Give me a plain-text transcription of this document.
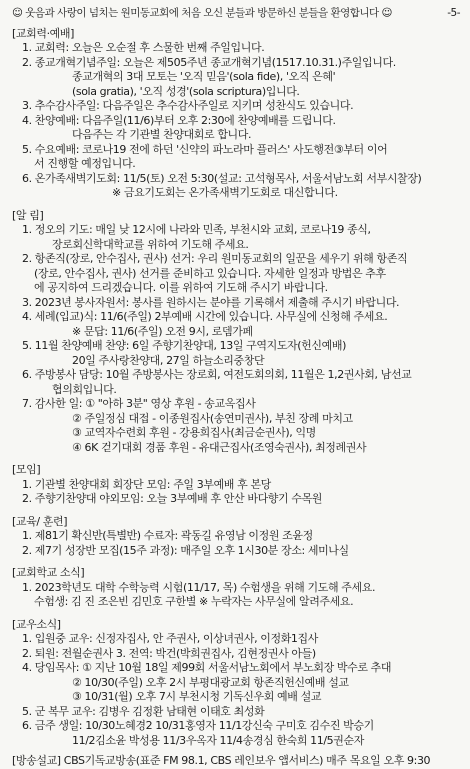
☺ 웃음과 사랑이 넘치는 원미동교회에 처음 오신 분들과 방문하신 분들을 환영합니다 ☺	-5-
[교회력·예배]
1. 교회력: 오늘은 오순절 후 스물한 번째 주일입니다.
2. 종교개혁기념주일: 오늘은 제505주년 종교개혁기념(1517.10.31.)주일입니다.
종교개혁의 3대 모토는 '오직 믿음'(sola fide), '오직 은혜'
(sola gratia), '오직 성경'(sola scriptura)입니다.
3. 추수감사주일: 다음주일은 추수감사주일로 지키며 성찬식도 있습니다.
4. 찬양예배: 다음주일(11/6)부터 오후 2:30에 찬양예배를 드립니다.
다음주는 각 기관별 찬양대회로 합니다.
5. 수요예배: 코로나19 전에 하던 '신약의 파노라마 플러스' 사도행전③부터 이어
서 진행할 예정입니다.
6. 온가족새벽기도회: 11/5(토) 오전 5:30(설교: 고석형목사, 서울서남노회 서부시찰장)
※ 금요기도회는 온가족새벽기도회로 대신합니다.
[알 림]
1. 정오의 기도: 매일 낮 12시에 나라와 민족, 부천시와 교회, 코로나19 종식,
장로회신학대학교를 위하여 기도해 주세요.
2. 항존직(장로, 안수집사, 권사) 선거: 우리 원미동교회의 일꾼을 세우기 위해 항존직
(장로, 안수집사, 권사) 선거를 준비하고 있습니다. 자세한 일정과 방법은 추후
에 공지하여 드리겠습니다. 이를 위하여 기도해 주시기 바랍니다.
3. 2023년 봉사자원서: 봉사를 원하시는 분야를 기록해서 제출해 주시기 바랍니다.
4. 세례(입교)식: 11/6(주일) 2부예배 시간에 있습니다. 사무실에 신청해 주세요.
※ 문답: 11/6(주일) 오전 9시, 로뎀가페
5. 11월 찬양예배 찬양: 6일 주향기찬양대, 13일 구역지도자(헌신예배)
20일 주사랑찬양대, 27일 하늘소리중창단
6. 주방봉사 담당: 10월 주방봉사는 장로회, 여전도회의회, 11월은 1,2권사회, 남선교
협의회입니다.
7. 감사한 일: ① "아하 3분" 영상 후원 - 송교옥집사
② 주일정심 대접 - 이종원집사(송연미권사), 부친 장례 마치고
③ 교역자수련회 후원 - 강용희집사(최금순권사), 익명
④ 6K 걷기대회 경품 후원 - 유대근집사(조영숙권사), 최정례권사
[모임]
1. 기관별 찬양대회 회장단 모임: 주일 3부예배 후 본당
2. 주향기찬양대 야외모임: 오늘 3부예배 후 안산 바다향기 수목원
[교육/ 훈련]
1. 제81기 확신반(특별반) 수료자: 곽동길 유영남 이정원 조윤정
2. 제7기 성장반 모집(15주 과정): 매주일 오후 1시30분 장소: 세미나실
[교회학교 소식]
1. 2023학년도 대학 수학능력 시험(11/17, 목) 수험생을 위해 기도해 주세요.
수험생: 김 진 조은빈 김민호 구한별 ※ 누락자는 사무실에 알려주세요.
[교우소식]
1. 입원중 교우: 신정자집사, 안 주권사, 이상녀권사, 이정화1집사
2. 퇴원: 전월순권사 3. 전역: 박건(박희권집사, 김현정권사 아들)
4. 당임목사: ① 지난 10월 18일 제99회 서울서남노회에서 부노회장 박수로 추대
② 10/30(주일) 오후 2시 부평대광교회 항존직헌신예배 설교
③ 10/31(월) 오후 7시 부천시청 기독신우회 예배 설교
5. 군 복무 교우: 김병우 김정환 남태현 이태호 최성화
6. 금주 생일: 10/30노혜경2 10/31홍영자 11/1강신숙 구미호 김수진 박승기
11/2김소윤 박성용 11/3우옥자 11/4송경심 한숙희 11/5권순자
[방송설교] CBS기독교방송(표준 FM 98.1, CBS 레인보우 앱서비스) 매주 목요일 오후 9:30
